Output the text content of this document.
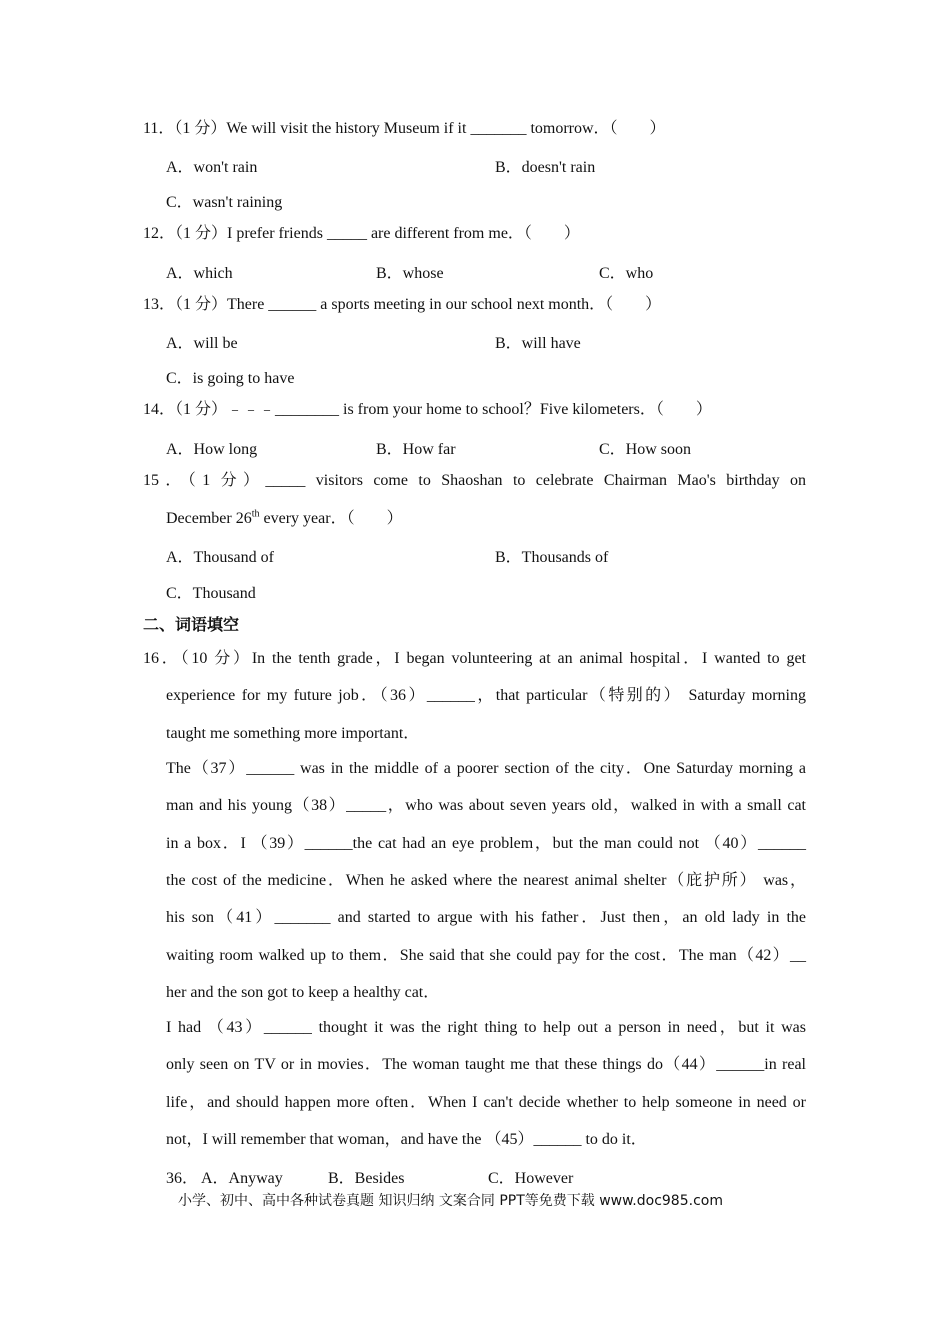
11．（1 分）We will visit the history Museum if it _______ tomorrow．（　　）
A．won't rain	B．doesn't rain
C．wasn't raining
12．（1 分）I prefer friends _____ are different from me．（　　）
A．which	B．whose	C．who
13．（1 分）There ______ a sports meeting in our school next month．（　　）
A．will be	B．will have
C．is going to have
14．（1 分）﹣﹣﹣________ is from your home to school？Five kilometers．（　　）
A．How long	B．How far	C．How soon
15．（1 分）_____ visitors come to Shaoshan to celebrate Chairman Mao's birthday on
December 26th every year．（　　）
A．Thousand of	B．Thousands of
C．Thousand
二、词语填空
16．（10 分）In the tenth grade，I began volunteering at an animal hospital．I wanted to get
experience for my future job．（36）______，that particular（特别的） Saturday morning
taught me something more important．
The（37）______ was in the middle of a poorer section of the city．One Saturday morning a
man and his young（38）_____，who was about seven years old，walked in with a small cat
in a box．I （39）______the cat had an eye problem，but the man could not （40）______
the cost of the medicine．When he asked where the nearest animal shelter（庇护所） was，
his son（41）_______ and started to argue with his father．Just then，an old lady in the
waiting room walked up to them．She said that she could pay for the cost．The man（42）__
her and the son got to keep a healthy cat．
I had （43）______ thought it was the right thing to help out a person in need，but it was
only seen on TV or in movies．The woman taught me that these things do（44）______in real
life，and should happen more often．When I can't decide whether to help someone in need or
not，I will remember that woman，and have the （45）______ to do it．
36． A．Anyway	B．Besides	C．However
小学、初中、高中各种试卷真题 知识归纳 文案合同 PPT等免费下载 www.doc985.com
